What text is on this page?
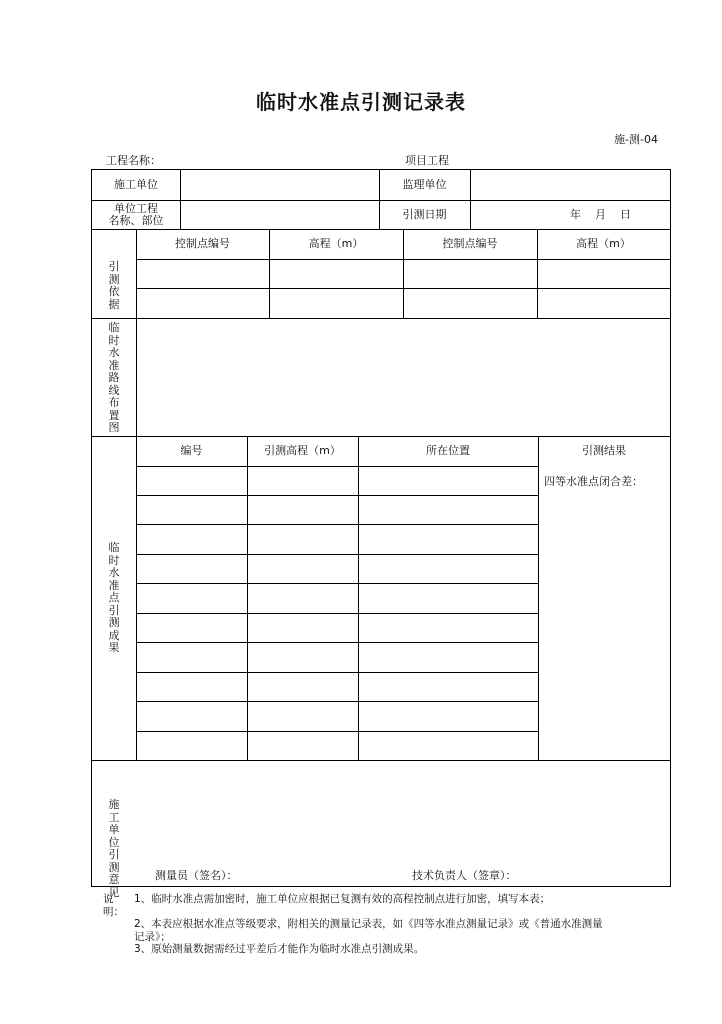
临时水准点引测记录表
施-测-04
工程名称：	项目工程
施工单位	监理单位
单位工程
名称、部位	引测日期	年    月    日
引测
依据
控制点编号	高程（m）	控制点编号	高程（m）
临
时
水
准
路
线
布
置
图
临
时
水
准
点
引
测
成
果
编号	引测高程（m）	所在位置	引测结果
四等水准点闭合差：
施
工
单
位
引
测
意
见
测量员（签名）：	技术负责人（签章）：
说明：
1、临时水准点需加密时，施工单位应根据已复测有效的高程控制点进行加密，填写本表；
2、本表应根据水准点等级要求，附相关的测量记录表，如《四等水准点测量记录》或《普通水准测量
记录》；
3、原始测量数据需经过平差后才能作为临时水准点引测成果。
